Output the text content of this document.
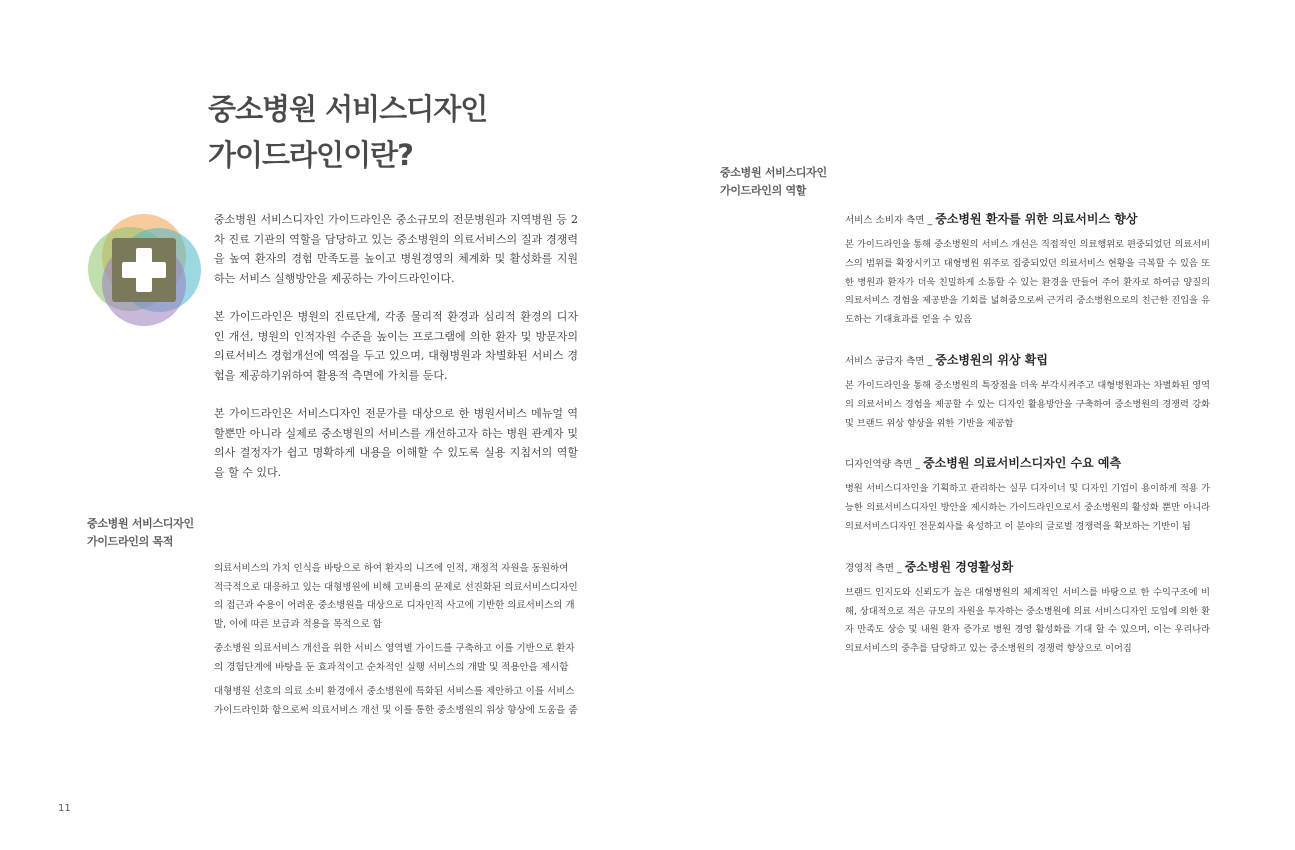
중소병원 서비스디자인
가이드라인이란?

중소병원 서비스디자인 가이드라인은 중소규모의 전문병원과 지역병원 등 2차 진료 기관의 역할을 담당하고 있는 중소병원의 의료서비스의 질과 경쟁력을 높여 환자의 경험 만족도를 높이고 병원경영의 체계화 및 활성화를 지원하는 서비스 실행방안을 제공하는 가이드라인이다.

본 가이드라인은 병원의 진료단계, 각종 물리적 환경과 심리적 환경의 디자인 개선, 병원의 인적자원 수준을 높이는 프로그램에 의한 환자 및 방문자의 의료서비스 경험개선에 역점을 두고 있으며, 대형병원과 차별화된 서비스 경험을 제공하기위하여 활용적 측면에 가치를 둔다.

본 가이드라인은 서비스디자인 전문가를 대상으로 한 병원서비스 메뉴얼 역할뿐만 아니라 실제로 중소병원의 서비스를 개선하고자 하는 병원 관계자 및 의사 결정자가 쉽고 명확하게 내용을 이해할 수 있도록 실용 지침서의 역할을 할 수 있다.

중소병원 서비스디자인
가이드라인의 목적

의료서비스의 가치 인식을 바탕으로 하여 환자의 니즈에 인적, 재정적 자원을 동원하여 적극적으로 대응하고 있는 대형병원에 비해 고비용의 문제로 선진화된 의료서비스디자인의 접근과 수용이 어려운 중소병원을 대상으로 디자인적 사고에 기반한 의료서비스의 개발, 이에 따른 보급과 적용을 목적으로 함

중소병원 의료서비스 개선을 위한 서비스 영역별 가이드를 구축하고 이를 기반으로 환자의 경험단계에 바탕을 둔 효과적이고 순차적인 실행 서비스의 개발 및 적용안을 제시함

대형병원 선호의 의료 소비 환경에서 중소병원에 특화된 서비스를 제안하고 이를 서비스 가이드라인화 함으로써 의료서비스 개선 및 이를 통한 중소병원의 위상 향상에 도움을 줌

중소병원 서비스디자인
가이드라인의 역할
서비스 소비자 측면 _ 중소병원 환자를 위한 의료서비스 향상
본 가이드라인을 통해 중소병원의 서비스 개선은 직접적인 의료행위로 편중되었던 의료서비스의 범위를 확장시키고 대형병원 위주로 집중되었던 의료서비스 현황을 극복할 수 있음 또한 병원과 환자가 더욱 친밀하게 소통할 수 있는 환경을 만들어 주어 환자로 하여금 양질의 의료서비스 경험을 제공받을 기회를 넓혀줌으로써 근거리 중소병원으로의 친근한 진입을 유도하는 기대효과를 얻을 수 있음
서비스 공급자 측면 _ 중소병원의 위상 확립
본 가이드라인을 통해 중소병원의 특장점을 더욱 부각시켜주고 대형병원과는 차별화된 영역의 의료서비스 경험을 제공할 수 있는 디자인 활용방안을 구축하여 중소병원의 경쟁력 강화 및 브랜드 위상 향상을 위한 기반을 제공함
디자인역량 측면 _ 중소병원 의료서비스디자인 수요 예측
병원 서비스디자인을 기획하고 관리하는 실무 디자이너 및 디자인 기업이 용이하게 적용 가능한 의료서비스디자인 방안을 제시하는 가이드라인으로서 중소병원의 활성화 뿐만 아니라 의료서비스디자인 전문회사를 육성하고 이 분야의 글로벌 경쟁력을 확보하는 기반이 됨
경영적 측면 _ 중소병원 경영활성화
브랜드 인지도와 신뢰도가 높은 대형병원의 체계적인 서비스를 바탕으로 한 수익구조에 비해, 상대적으로 적은 규모의 자원을 투자하는 중소병원에 의료 서비스디자인 도입에 의한 환자 만족도 상승 및 내원 환자 증가로 병원 경영 활성화를 기대 할 수 있으며, 이는 우리나라 의료서비스의 중추를 담당하고 있는 중소병원의 경쟁력 향상으로 이어짐
11
